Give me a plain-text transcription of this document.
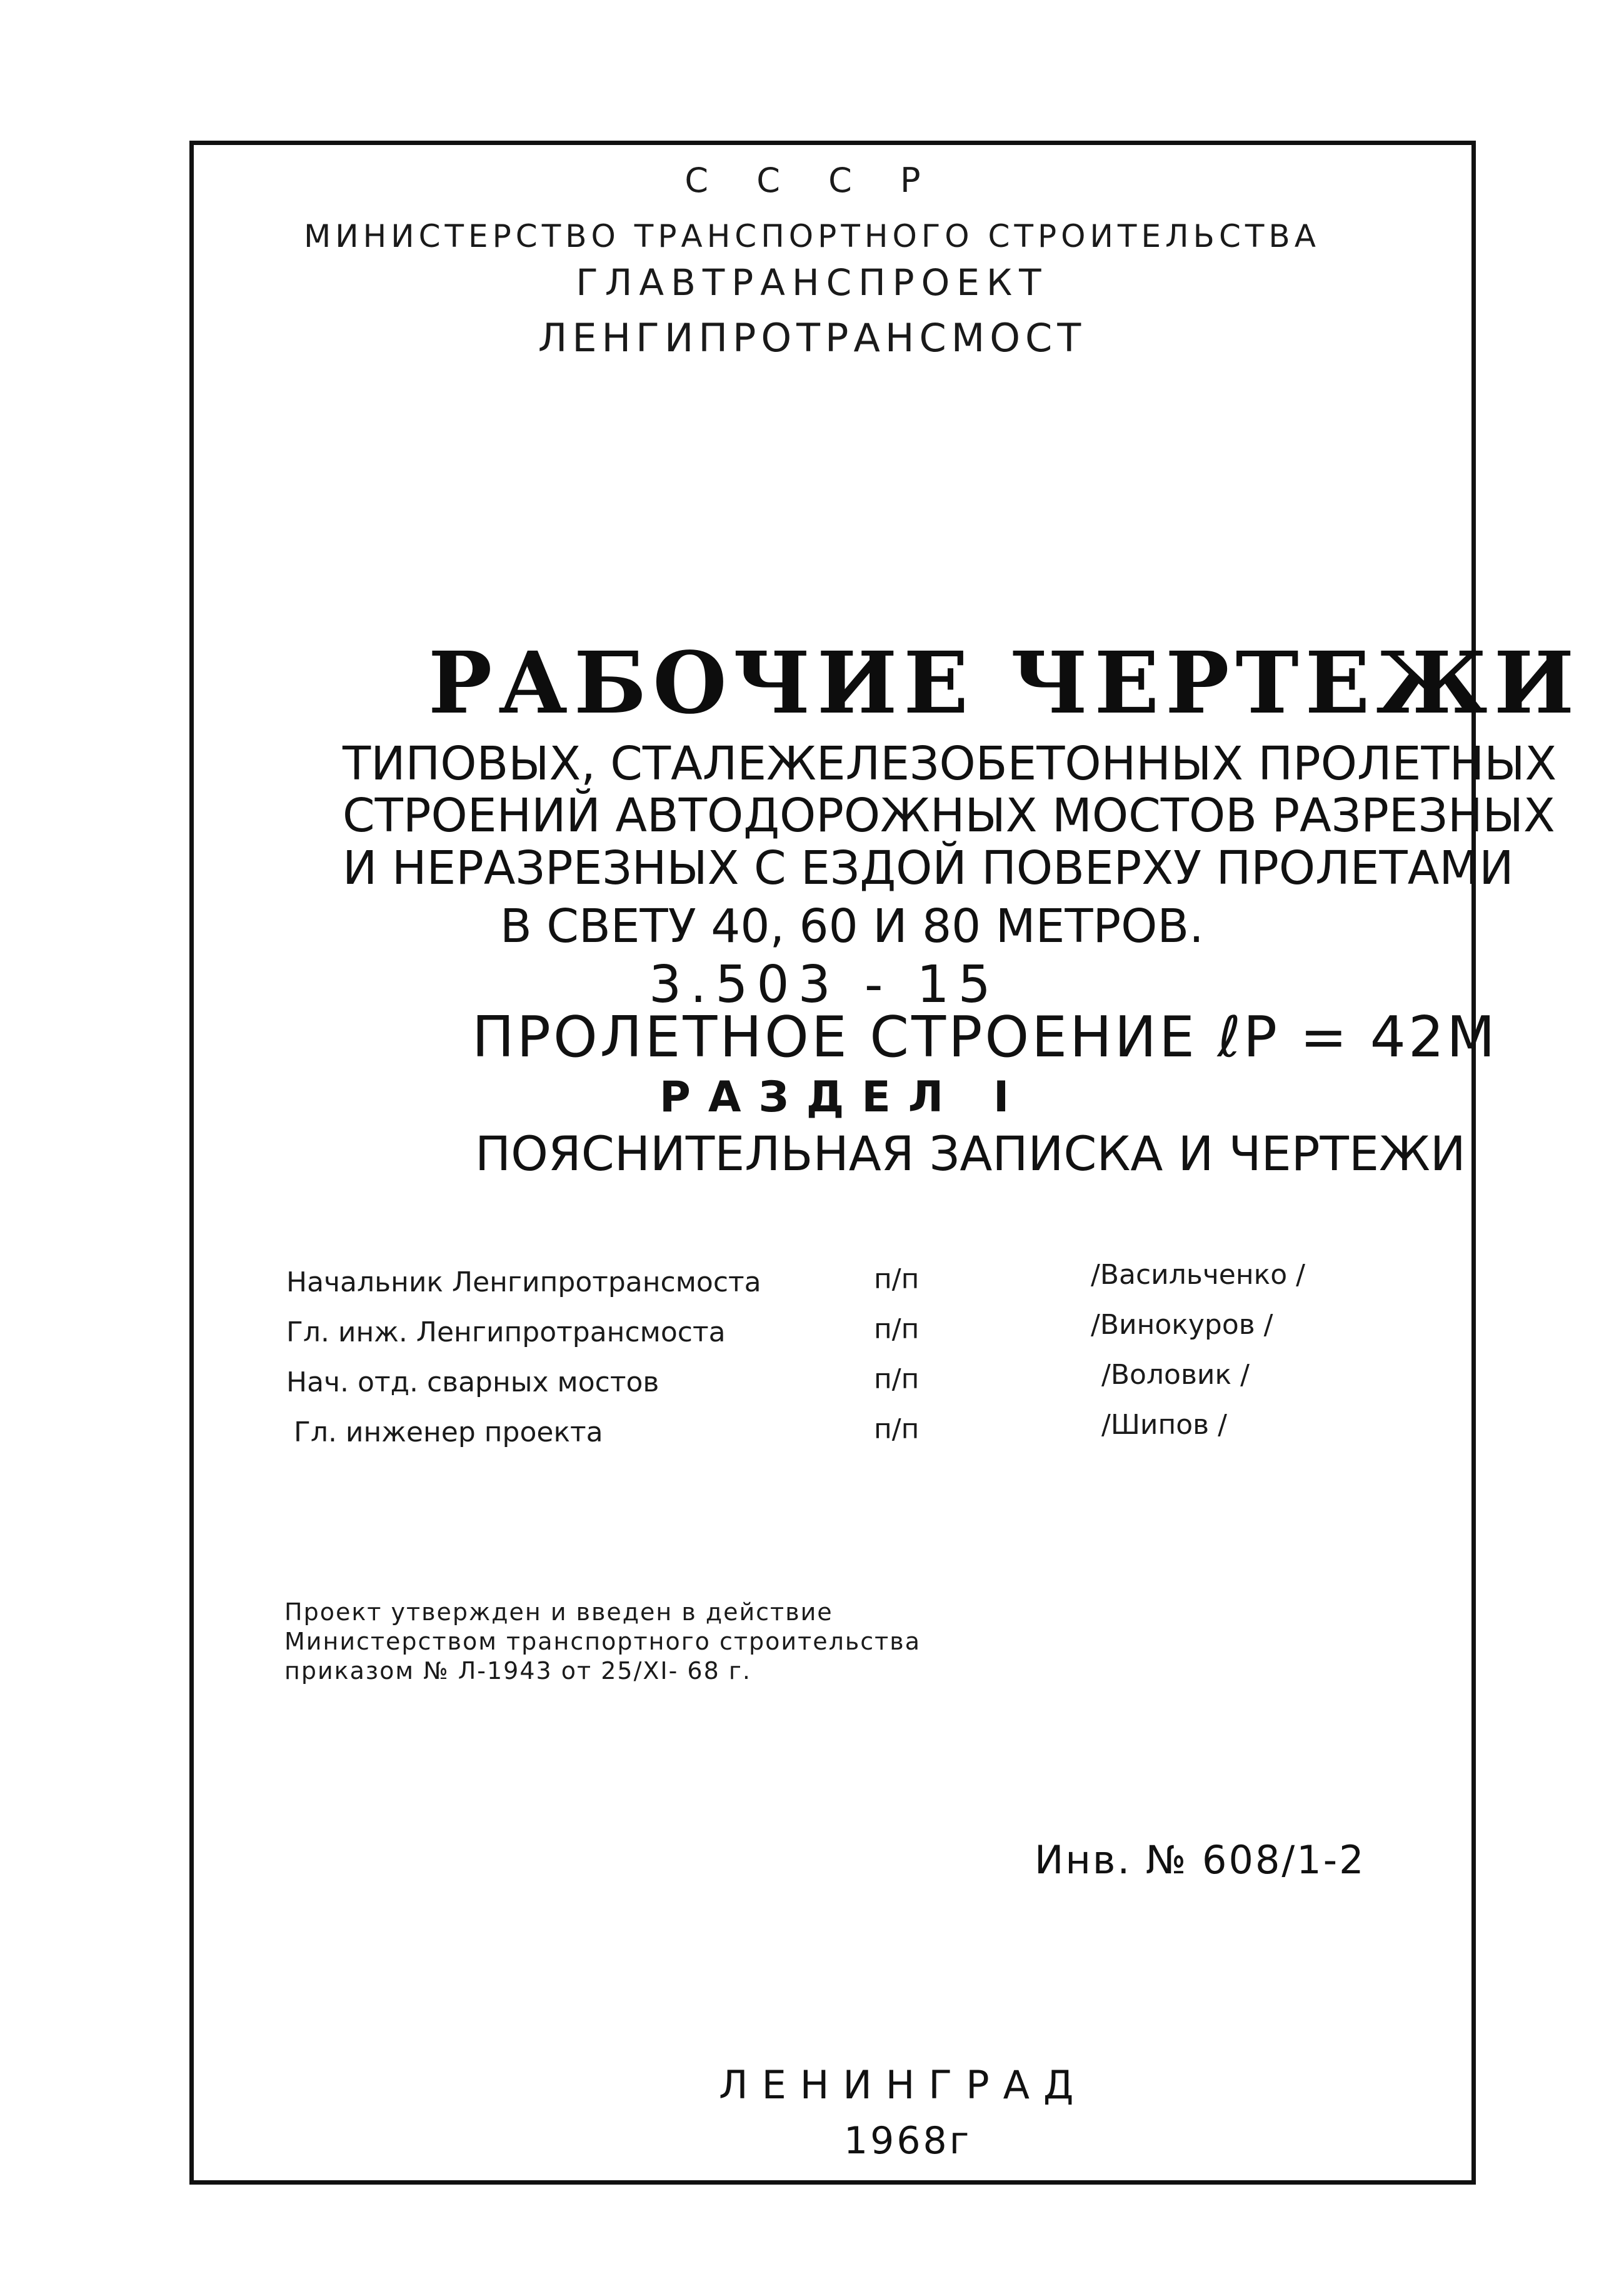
С С С Р
МИНИСТЕРСТВО ТРАНСПОРТНОГО СТРОИТЕЛЬСТВА
ГЛАВТРАНСПРОЕКТ
ЛЕНГИПРОТРАНСМОСТ
РАБОЧИЕ ЧЕРТЕЖИ
ТИПОВЫХ, СТАЛЕЖЕЛЕЗОБЕТОННЫХ ПРОЛЕТНЫХ
СТРОЕНИЙ АВТОДОРОЖНЫХ МОСТОВ РАЗРЕЗНЫХ
И НЕРАЗРЕЗНЫХ С ЕЗДОЙ ПОВЕРХУ ПРОЛЕТАМИ
В СВЕТУ 40, 60 И 80 МЕТРОВ.
3.503 - 15
ПРОЛЕТНОЕ СТРОЕНИЕ ℓР = 42М
РАЗДЕЛ I
ПОЯСНИТЕЛЬНАЯ ЗАПИСКА И ЧЕРТЕЖИ
Начальник Ленгипротрансмоста	п/п	/Васильченко /
Гл. инж. Ленгипротрансмоста	п/п	/Винокуров /
Нач. отд. сварных мостов	п/п	/Воловик /
Гл. инженер проекта	п/п	/Шипов /
Проект утвержден и введен в действие
Министерством транспортного строительства
приказом № Л-1943 от 25/XI- 68 г.
Инв. № 608/1-2
ЛЕНИНГРАД
1968г
